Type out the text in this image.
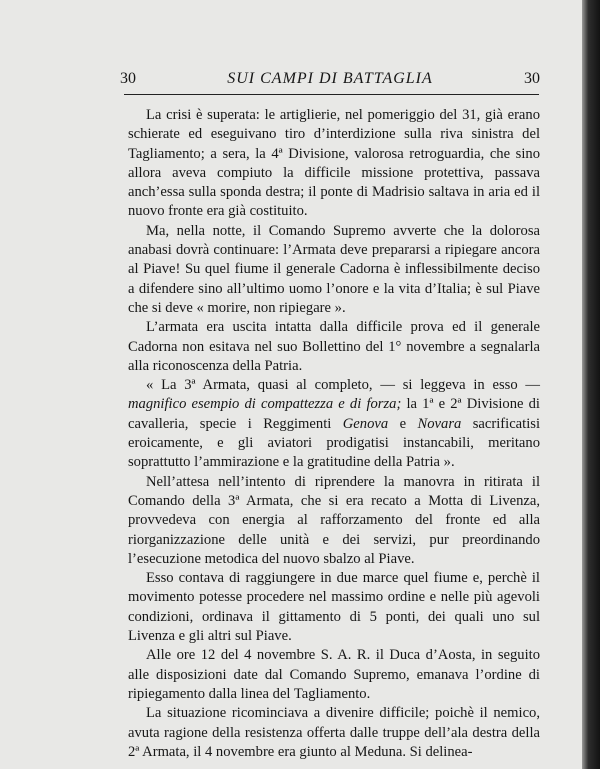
30	SUI CAMPI DI BATTAGLIA	30

La crisi è superata: le artiglierie, nel pomeriggio del 31, già erano schierate ed eseguivano tiro d’interdizione sulla riva sinistra del Tagliamento; a sera, la 4ª Divisione, valorosa retroguardia, che sino allora aveva compiuto la difficile missione protettiva, passava anch’essa sulla sponda destra; il ponte di Madrisio saltava in aria ed il nuovo fronte era già costituito.

Ma, nella notte, il Comando Supremo avverte che la dolorosa anabasi dovrà continuare: l’Armata deve prepararsi a ripiegare ancora al Piave! Su quel fiume il generale Cadorna è inflessibilmente deciso a difendere sino all’ultimo uomo l’onore e la vita d’Italia; è sul Piave che si deve « morire, non ripiegare ».

L’armata era uscita intatta dalla difficile prova ed il generale Cadorna non esitava nel suo Bollettino del 1° novembre a segnalarla alla riconoscenza della Patria.

« La 3ª Armata, quasi al completo, — si leggeva in esso — magnifico esempio di compattezza e di forza; la 1ª e 2ª Divisione di cavalleria, specie i Reggimenti Genova e Novara sacrificatisi eroicamente, e gli aviatori prodigatisi instancabili, meritano soprattutto l’ammirazione e la gratitudine della Patria ».

Nell’attesa nell’intento di riprendere la manovra in ritirata il Comando della 3ª Armata, che si era recato a Motta di Livenza, provvedeva con energia al rafforzamento del fronte ed alla riorganizzazione delle unità e dei servizi, pur preordinando l’esecuzione metodica del nuovo sbalzo al Piave.

Esso contava di raggiungere in due marce quel fiume e, perchè il movimento potesse procedere nel massimo ordine e nelle più agevoli condizioni, ordinava il gittamento di 5 ponti, dei quali uno sul Livenza e gli altri sul Piave.

Alle ore 12 del 4 novembre S. A. R. il Duca d’Aosta, in seguito alle disposizioni date dal Comando Supremo, emanava l’ordine di ripiegamento dalla linea del Tagliamento.

La situazione ricominciava a divenire difficile; poichè il nemico, avuta ragione della resistenza offerta dalle truppe dell’ala destra della 2ª Armata, il 4 novembre era giunto al Meduna. Si delinea-
